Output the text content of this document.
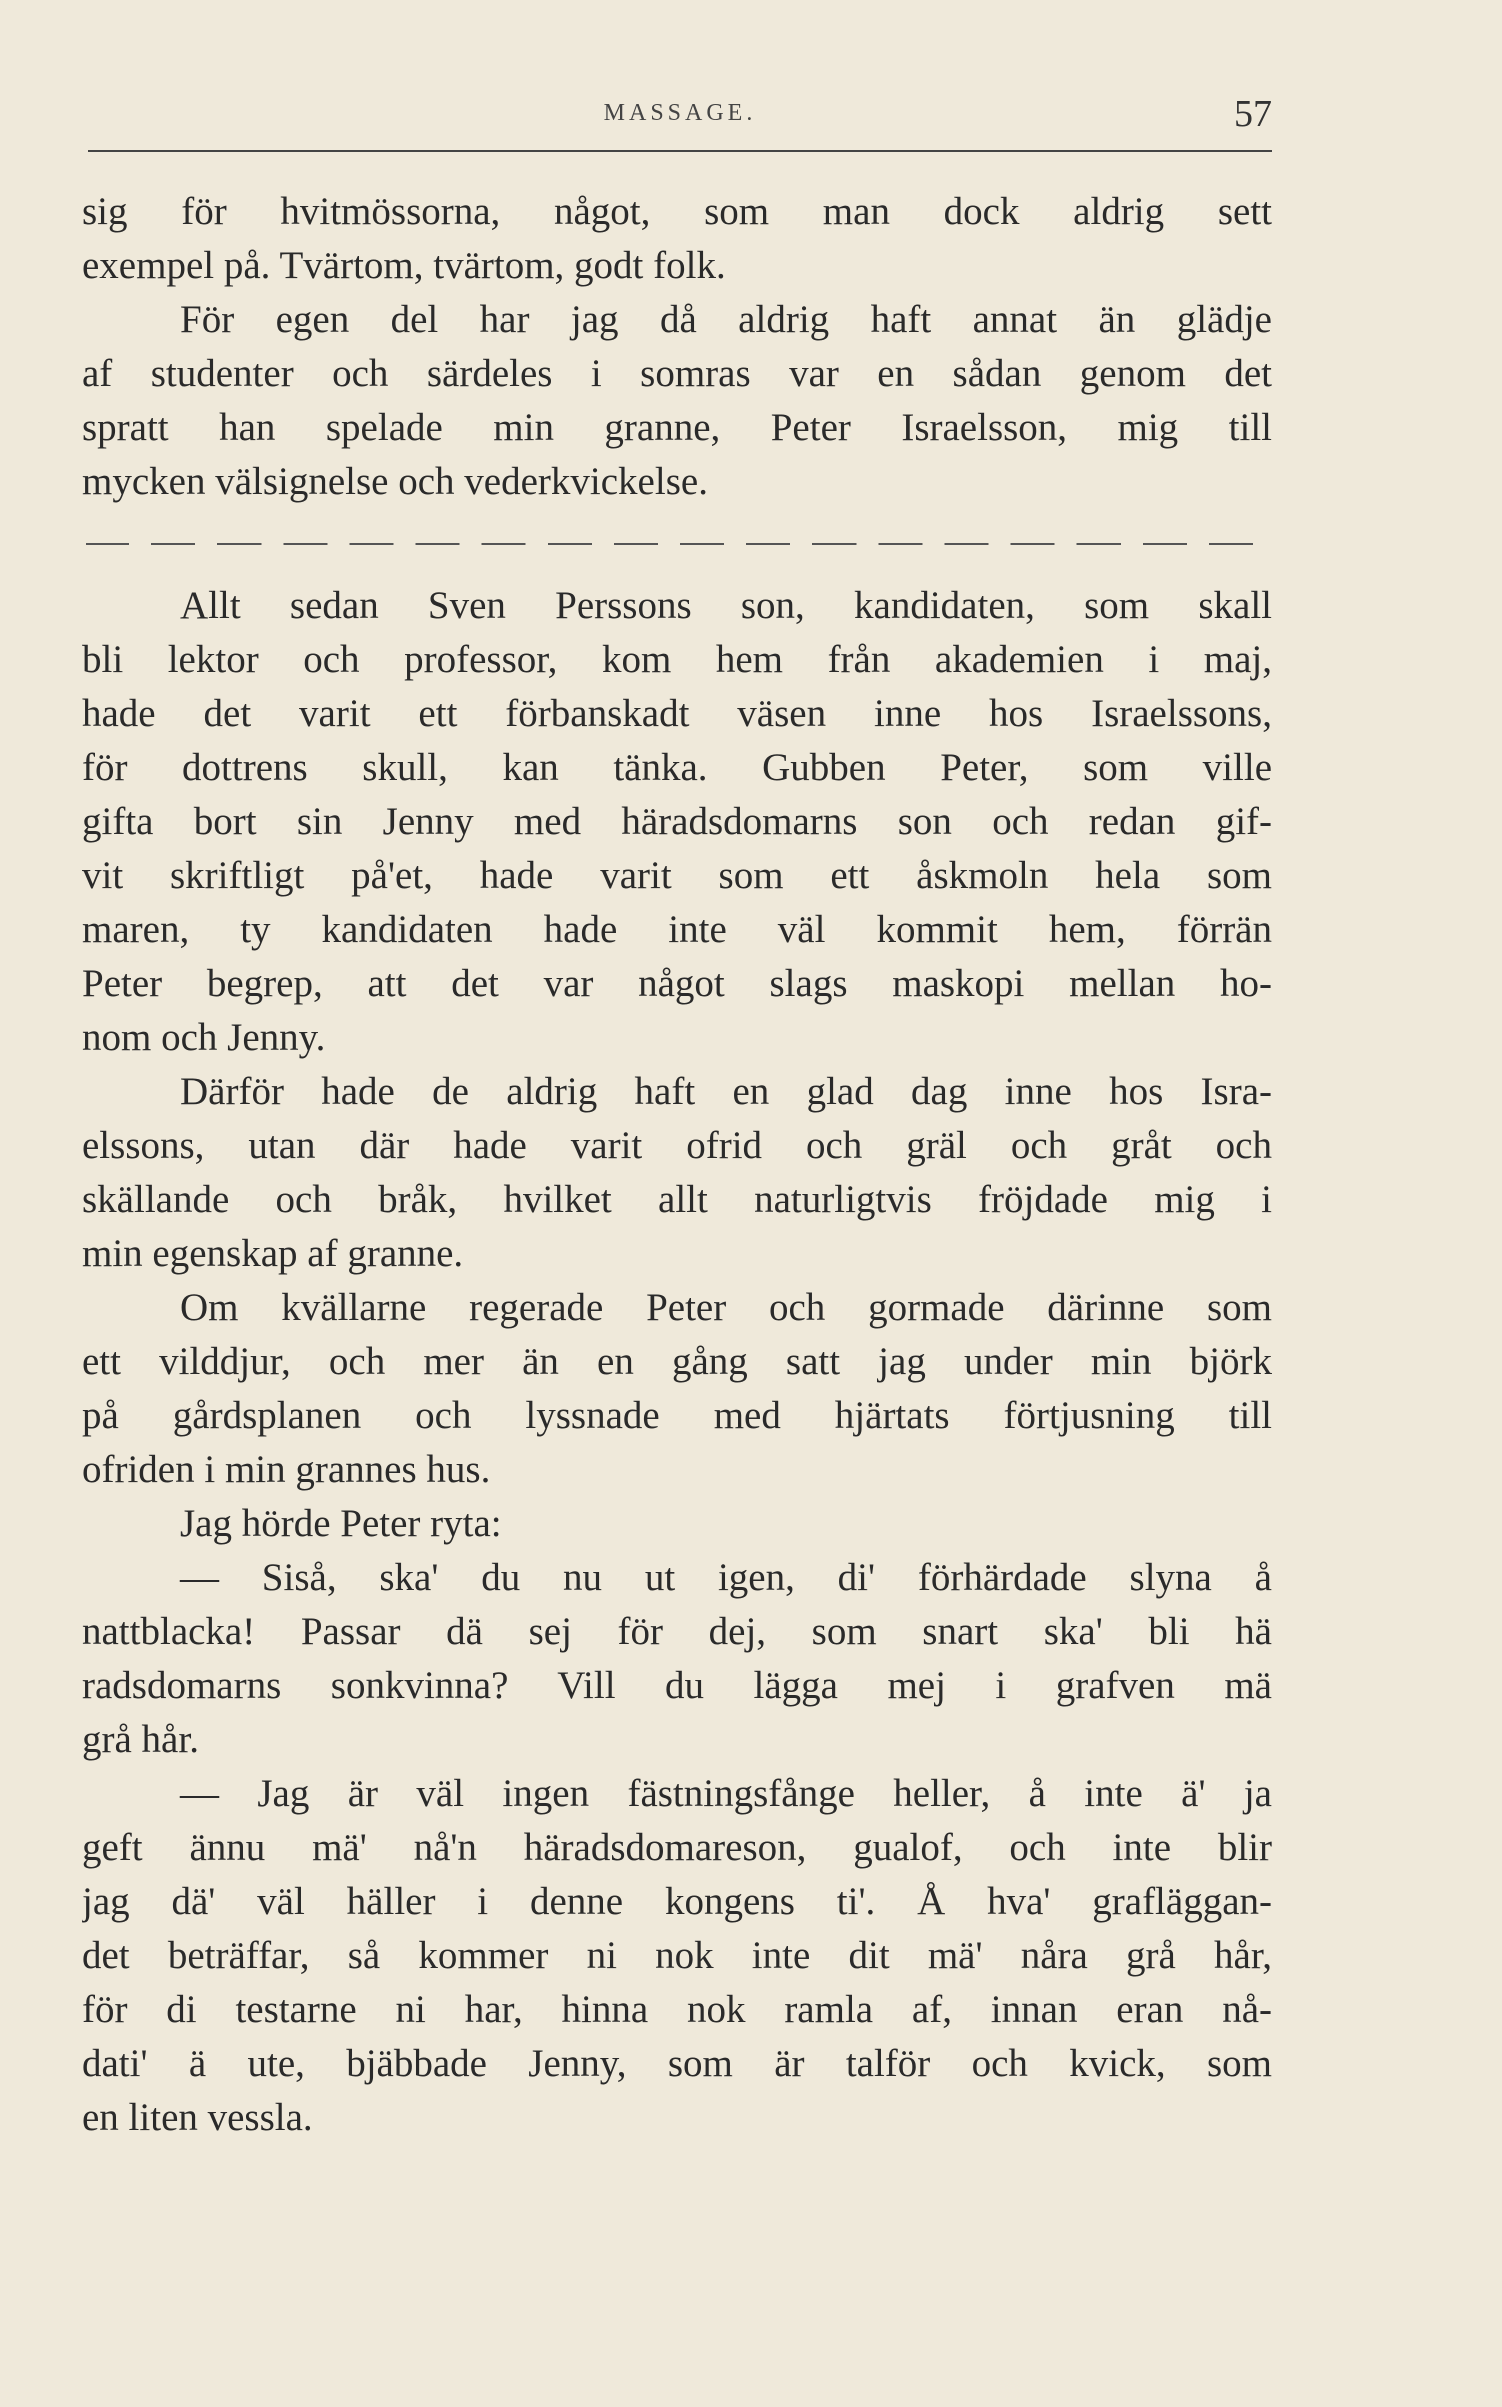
MASSAGE.	57
sig för hvitmössorna, något, som man dock aldrig sett
exempel på. Tvärtom, tvärtom, godt folk.
För egen del har jag då aldrig haft annat än glädje
af studenter och särdeles i somras var en sådan genom det
spratt han spelade min granne, Peter Israelsson, mig till
mycken välsignelse och vederkvickelse.
Allt sedan Sven Perssons son, kandidaten, som skall
bli lektor och professor, kom hem från akademien i maj,
hade det varit ett förbanskadt väsen inne hos Israelssons,
för dottrens skull, kan tänka. Gubben Peter, som ville
gifta bort sin Jenny med häradsdomarns son och redan gif-
vit skriftligt på'et, hade varit som ett åskmoln hela som
maren, ty kandidaten hade inte väl kommit hem, förrän
Peter begrep, att det var något slags maskopi mellan ho-
nom och Jenny.
Därför hade de aldrig haft en glad dag inne hos Isra-
elssons, utan där hade varit ofrid och gräl och gråt och
skällande och bråk, hvilket allt naturligtvis fröjdade mig i
min egenskap af granne.
Om kvällarne regerade Peter och gormade därinne som
ett vilddjur, och mer än en gång satt jag under min björk
på gårdsplanen och lyssnade med hjärtats förtjusning till
ofriden i min grannes hus.
Jag hörde Peter ryta:
— Siså, ska' du nu ut igen, di' förhärdade slyna å
nattblacka! Passar dä sej för dej, som snart ska' bli hä
radsdomarns sonkvinna? Vill du lägga mej i grafven mä
grå hår.
— Jag är väl ingen fästningsfånge heller, å inte ä' ja
geft ännu mä' nå'n häradsdomareson, gualof, och inte blir
jag dä' väl häller i denne kongens ti'. Å hva' grafläggan-
det beträffar, så kommer ni nok inte dit mä' nåra grå hår,
för di testarne ni har, hinna nok ramla af, innan eran nå-
dati' ä ute, bjäbbade Jenny, som är talför och kvick, som
en liten vessla.
